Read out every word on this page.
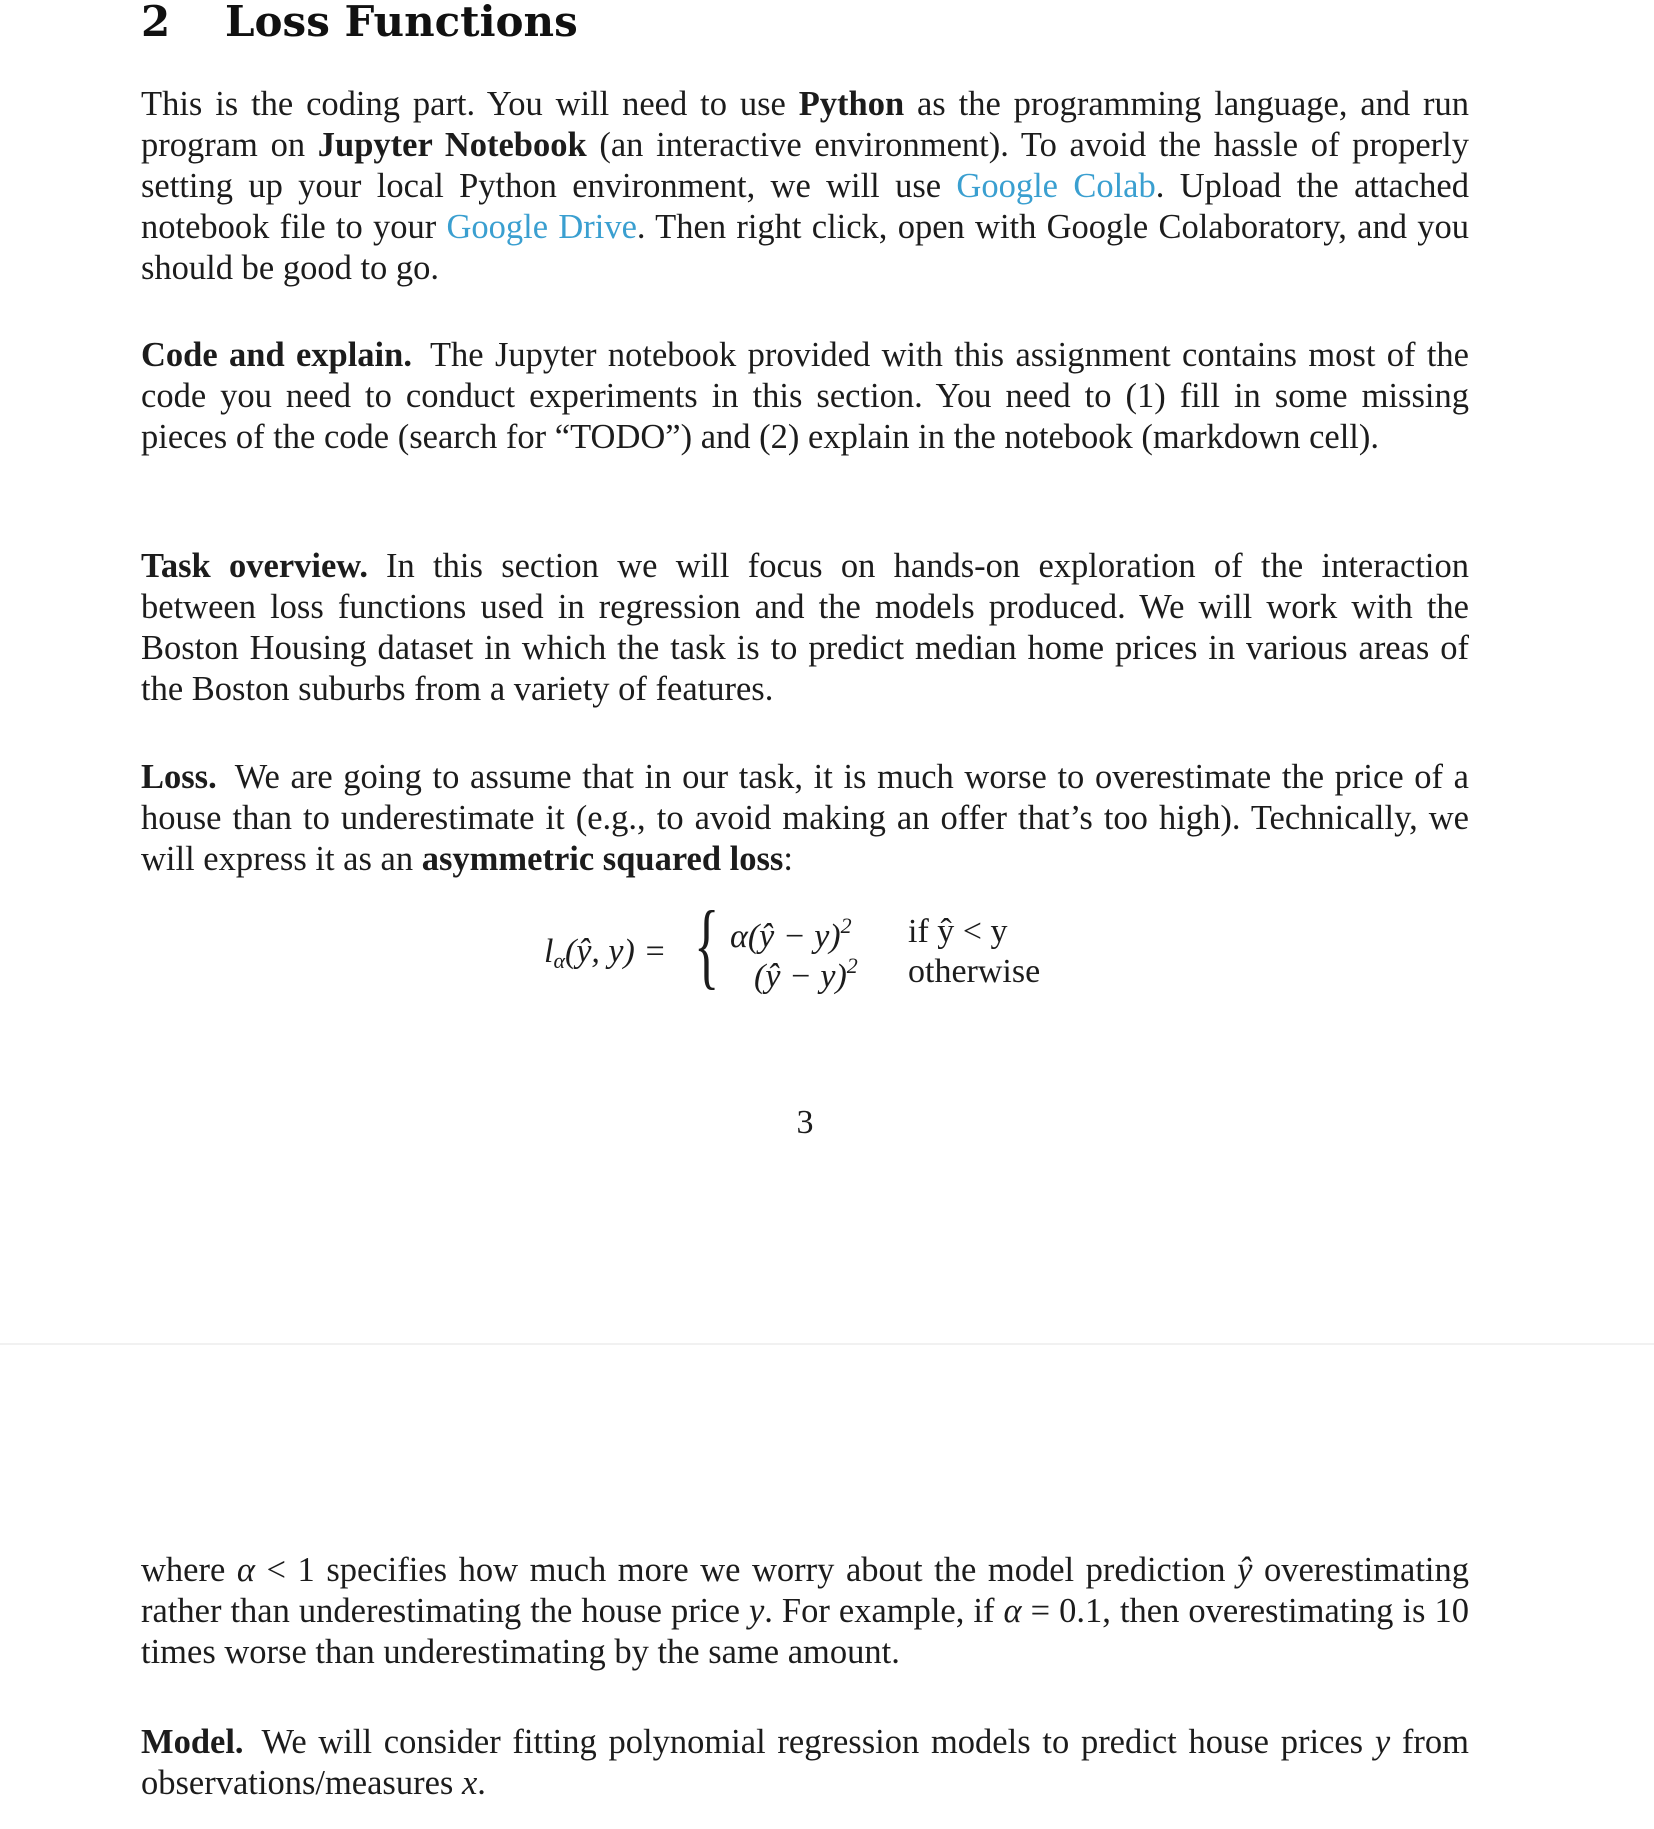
2 Loss Functions

This is the coding part. You will need to use Python as the programming language, and run program on Jupyter Notebook (an interactive environment). To avoid the hassle of properly setting up your local Python environment, we will use Google Colab. Upload the attached notebook file to your Google Drive. Then right click, open with Google Colaboratory, and you should be good to go.

Code and explain. The Jupyter notebook provided with this assignment contains most of the code you need to conduct experiments in this section. You need to (1) fill in some missing pieces of the code (search for “TODO”) and (2) explain in the notebook (markdown cell).

Task overview. In this section we will focus on hands-on exploration of the interaction between loss functions used in regression and the models produced. We will work with the Boston Housing dataset in which the task is to predict median home prices in various areas of the Boston suburbs from a variety of features.

Loss. We are going to assume that in our task, it is much worse to overestimate the price of a house than to underestimate it (e.g., to avoid making an offer that’s too high). Technically, we will express it as an asymmetric squared loss:

$l_\alpha(ŷ$, y) = { α(ŷ − y)$^2$ if ŷ < y
(ŷ − y)$^2$ otherwise
3

where α < 1 specifies how much more we worry about the model prediction ŷ overestimating rather than underestimating the house price y. For example, if α = 0.1, then overestimating is 10 times worse than underestimating by the same amount.

Model. We will consider fitting polynomial regression models to predict house prices y from observations/measures x.
